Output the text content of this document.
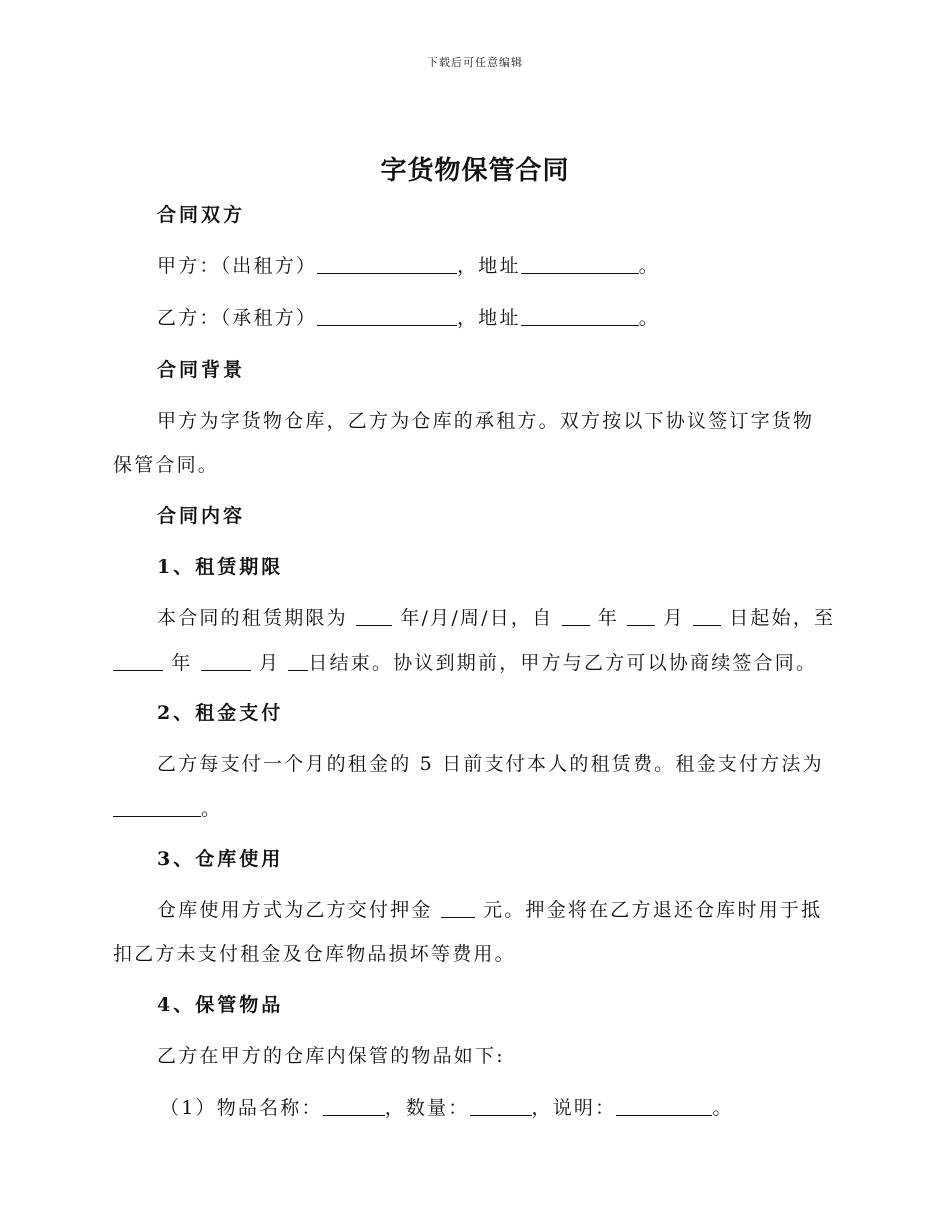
下载后可任意编辑
字货物保管合同
合同双方
甲方：（出租方）	，地址	。
乙方：（承租方）	，地址	。
合同背景
甲方为字货物仓库，乙方为仓库的承租方。双方按以下协议签订字货物
保管合同。
合同内容
1、租赁期限
本合同的租赁期限为	年/月/周/日，自 年 月 日起始，至
年	月 日结束。协议到期前，甲方与乙方可以协商续签合同。
2、租金支付
乙方每支付一个月的租金的 5 日前支付本人的租赁费。租金支付方法为
。
3、仓库使用
仓库使用方式为乙方交付押金	元。押金将在乙方退还仓库时用于抵
扣乙方未支付租金及仓库物品损坏等费用。
4、保管物品
乙方在甲方的仓库内保管的物品如下:
（1）物品名称：	，数量：	，说明：	。
